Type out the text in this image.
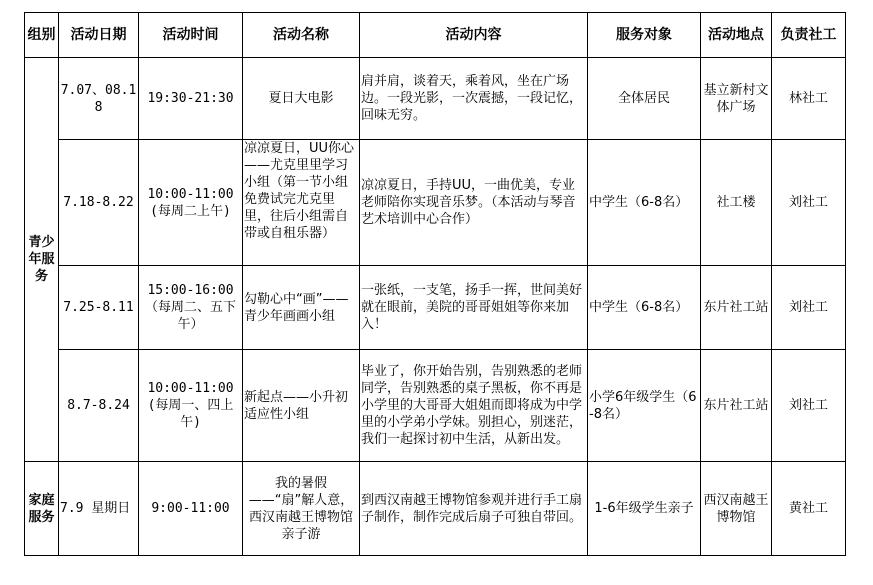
组别	活动日期	活动时间	活动名称	活动内容	服务对象	活动地点	负责社工
青少年服务	7.07、08.18	19:30-21:30	夏日大电影	肩并肩，谈着天，乘着风，坐在广场边。一段光影，一次震撼，一段记忆，回味无穷。	全体居民	基立新村文体广场	林社工
	7.18-8.22	10:00-11:00(每周二上午)	凉凉夏日，UU你心——尤克里里学习小组（第一节小组免费试完尤克里里，往后小组需自带或自租乐器）	凉凉夏日，手持UU，一曲优美，专业老师陪你实现音乐梦。（本活动与琴音艺术培训中心合作）	中学生（6-8名）	社工楼	刘社工
	7.25-8.11	15:00-16:00（每周二、五下午）	勾勒心中“画”——青少年画画小组	一张纸，一支笔，扬手一挥，世间美好就在眼前，美院的哥哥姐姐等你来加入！	中学生（6-8名）	东片社工站	刘社工
	8.7-8.24	10:00-11:00(每周一、四上午)	新起点——小升初适应性小组	毕业了，你开始告别，告别熟悉的老师同学，告别熟悉的桌子黑板，你不再是小学里的大哥哥大姐姐而即将成为中学里的小学弟小学妹。别担心，别迷茫，我们一起探讨初中生活，从新出发。	小学6年级学生（6-8名）	东片社工站	刘社工
家庭服务	7.9 星期日	9:00-11:00	我的暑假——“扇”解人意，西汉南越王博物馆亲子游	到西汉南越王博物馆参观并进行手工扇子制作，制作完成后扇子可独自带回。	1-6年级学生亲子	西汉南越王博物馆	黄社工
